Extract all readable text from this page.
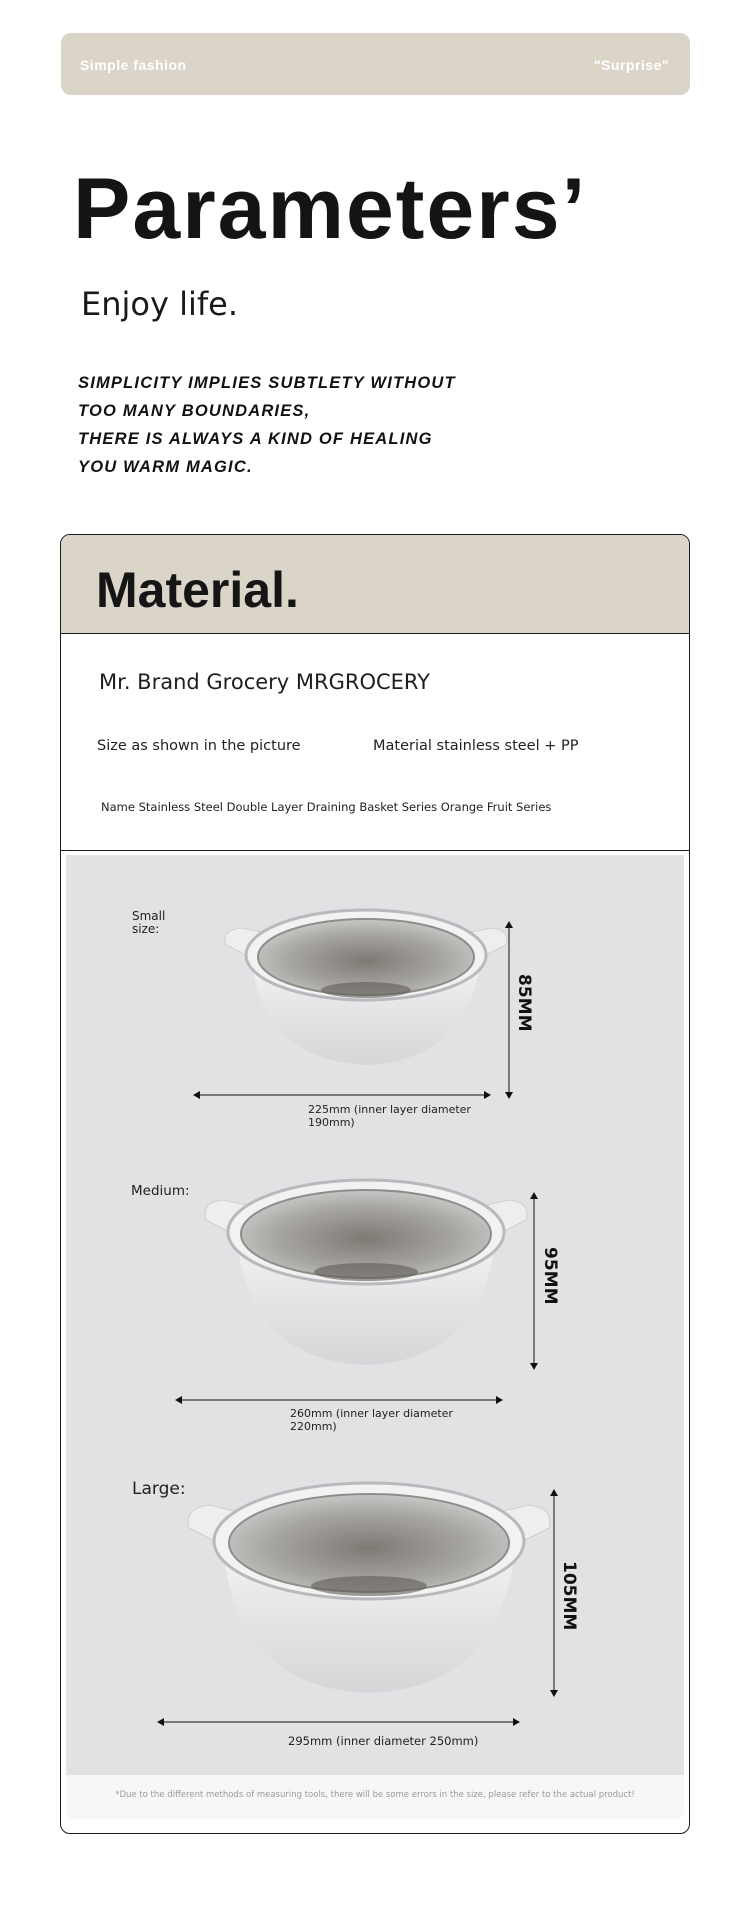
Simple fashion	"Surprise"
Parameters’
Enjoy life.
SIMPLICITY IMPLIES SUBTLETY WITHOUT
TOO MANY BOUNDARIES,
THERE IS ALWAYS A KIND OF HEALING
YOU WARM MAGIC.
Material.
Mr. Brand Grocery MRGROCERY
Size as shown in the picture	Material stainless steel + PP
Name Stainless Steel Double Layer Draining Basket Series Orange Fruit Series
Small
size:
85MM
225mm (inner layer diameter
190mm)
Medium:
95MM
260mm (inner layer diameter
220mm)
Large:
105MM
295mm (inner diameter 250mm)
*Due to the different methods of measuring tools, there will be some errors in the size, please refer to the actual product!
